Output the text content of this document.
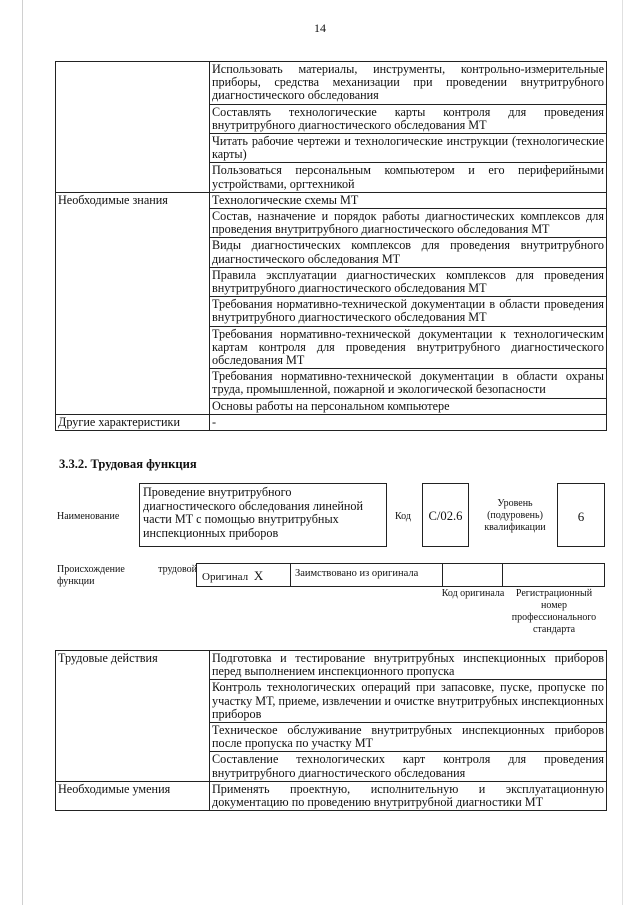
14
	Использовать материалы, инструменты, контрольно-измерительные приборы, средства механизации при проведении внутритрубного диагностического обследования
	Составлять технологические карты контроля для проведения внутритрубного диагностического обследования МТ
	Читать рабочие чертежи и технологические инструкции (технологические карты)
	Пользоваться персональным компьютером и его периферийными устройствами, оргтехникой
Необходимые знания	Технологические схемы МТ
	Состав, назначение и порядок работы диагностических комплексов для проведения внутритрубного диагностического обследования МТ
	Виды диагностических комплексов для проведения внутритрубного диагностического обследования МТ
	Правила эксплуатации диагностических комплексов для проведения внутритрубного диагностического обследования МТ
	Требования нормативно-технической документации в области проведения внутритрубного диагностического обследования МТ
	Требования нормативно-технической документации к технологическим картам контроля для проведения внутритрубного диагностического обследования МТ
	Требования нормативно-технической документации в области охраны труда, промышленной, пожарной и экологической безопасности
	Основы работы на персональном компьютере
Другие характеристики	-
3.3.2. Трудовая функция
Наименование
Проведение внутритрубного диагностического обследования линейной части МТ с помощью внутритрубных инспекционных приборов
Код	С/02.6
Уровень (подуровень) квалификации
6
Происхождение трудовой функции	Оригинал X	Заимствовано из оригинала
Код оригинала	Регистрационный номер профессионального стандарта
Трудовые действия	Подготовка и тестирование внутритрубных инспекционных приборов перед выполнением инспекционного пропуска
	Контроль технологических операций при запасовке, пуске, пропуске по участку МТ, приеме, извлечении и очистке внутритрубных инспекционных приборов
	Техническое обслуживание внутритрубных инспекционных приборов после пропуска по участку МТ
	Составление технологических карт контроля для проведения внутритрубного диагностического обследования
Необходимые умения	Применять проектную, исполнительную и эксплуатационную документацию по проведению внутритрубной диагностики МТ
